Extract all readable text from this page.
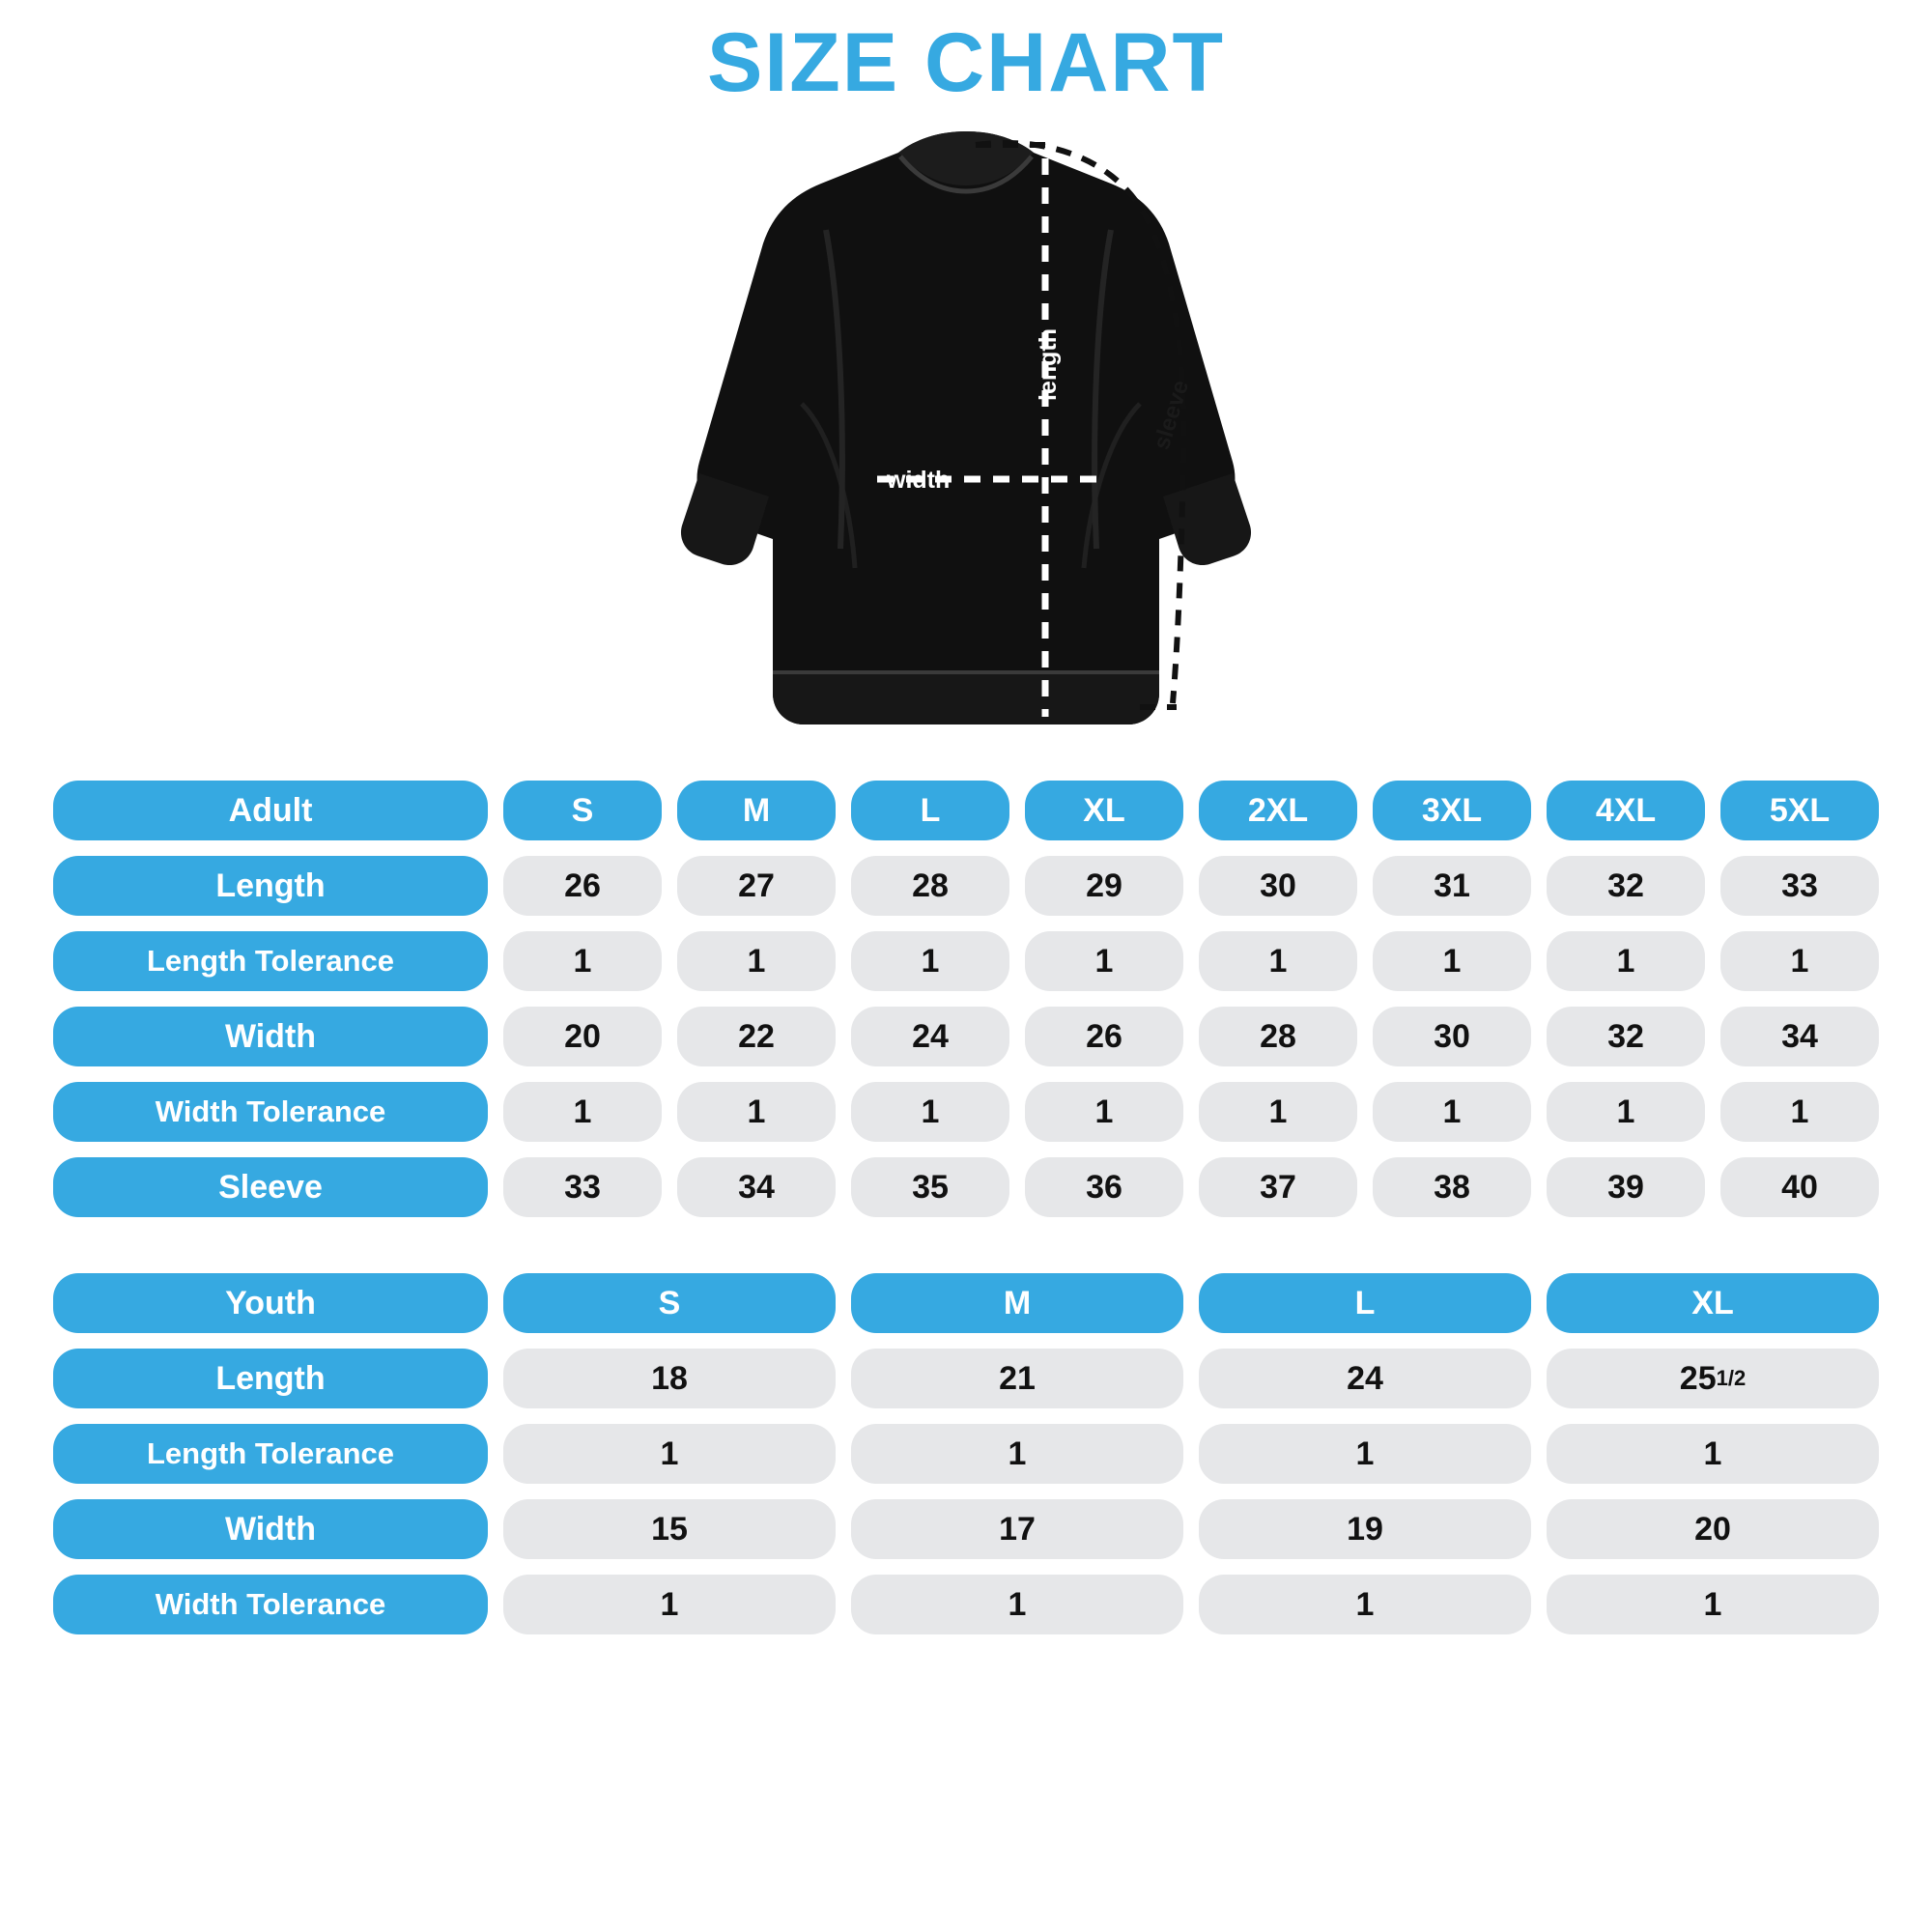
SIZE CHART
width
length
sleeve
Adult	S	M	L	XL	2XL	3XL	4XL	5XL
Length	26	27	28	29	30	31	32	33
Length Tolerance	1	1	1	1	1	1	1	1
Width	20	22	24	26	28	30	32	34
Width Tolerance	1	1	1	1	1	1	1	1
Sleeve	33	34	35	36	37	38	39	40
Youth	S	M	L	XL
Length	18	21	24	25 1/2
Length Tolerance	1	1	1	1
Width	15	17	19	20
Width Tolerance	1	1	1	1
